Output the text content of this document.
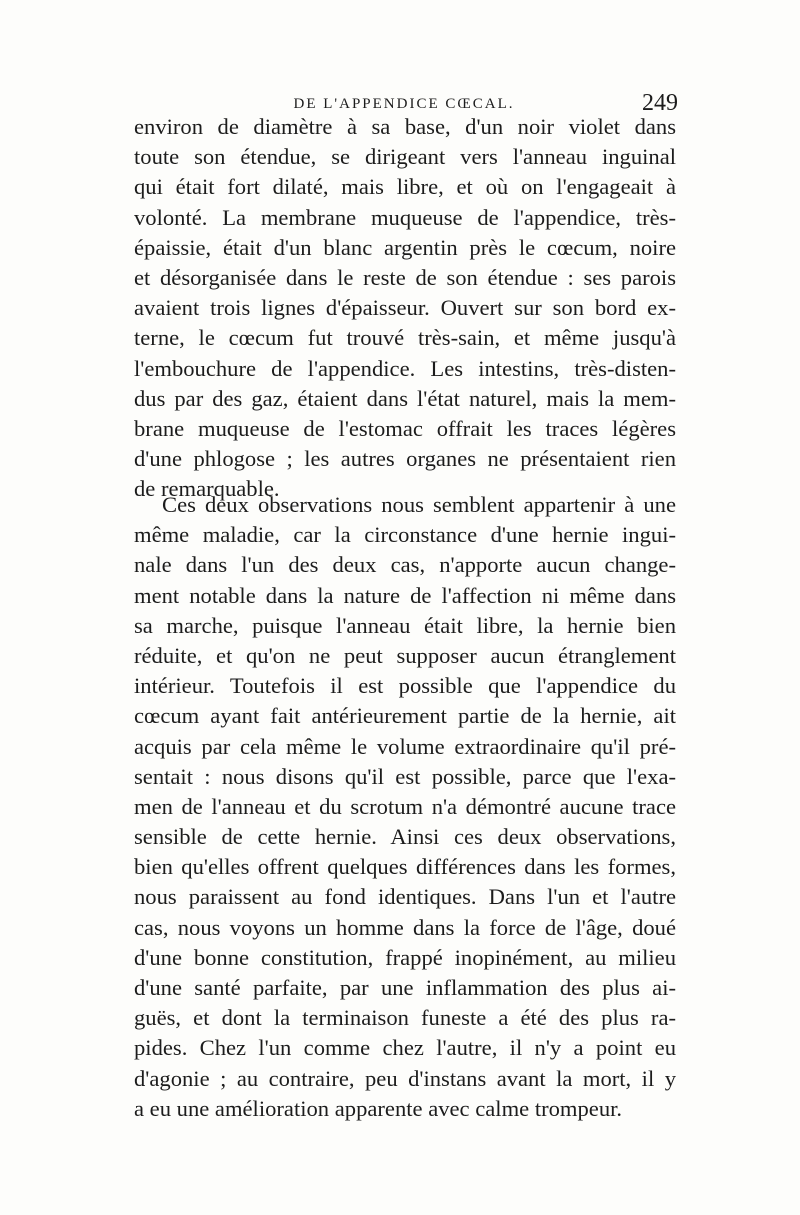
DE L'APPENDICE CŒCAL.	249
environ de diamètre à sa base, d'un noir violet dans
toute son étendue, se dirigeant vers l'anneau inguinal
qui était fort dilaté, mais libre, et où on l'engageait à
volonté. La membrane muqueuse de l'appendice, très-
épaissie, était d'un blanc argentin près le cœcum, noire
et désorganisée dans le reste de son étendue : ses parois
avaient trois lignes d'épaisseur. Ouvert sur son bord ex-
terne, le cœcum fut trouvé très-sain, et même jusqu'à
l'embouchure de l'appendice. Les intestins, très-disten-
dus par des gaz, étaient dans l'état naturel, mais la mem-
brane muqueuse de l'estomac offrait les traces légères
d'une phlogose ; les autres organes ne présentaient rien
de remarquable.
Ces deux observations nous semblent appartenir à une
même maladie, car la circonstance d'une hernie ingui-
nale dans l'un des deux cas, n'apporte aucun change-
ment notable dans la nature de l'affection ni même dans
sa marche, puisque l'anneau était libre, la hernie bien
réduite, et qu'on ne peut supposer aucun étranglement
intérieur. Toutefois il est possible que l'appendice du
cœcum ayant fait antérieurement partie de la hernie, ait
acquis par cela même le volume extraordinaire qu'il pré-
sentait : nous disons qu'il est possible, parce que l'exa-
men de l'anneau et du scrotum n'a démontré aucune trace
sensible de cette hernie. Ainsi ces deux observations,
bien qu'elles offrent quelques différences dans les formes,
nous paraissent au fond identiques. Dans l'un et l'autre
cas, nous voyons un homme dans la force de l'âge, doué
d'une bonne constitution, frappé inopinément, au milieu
d'une santé parfaite, par une inflammation des plus ai-
guës, et dont la terminaison funeste a été des plus ra-
pides. Chez l'un comme chez l'autre, il n'y a point eu
d'agonie ; au contraire, peu d'instans avant la mort, il y
a eu une amélioration apparente avec calme trompeur.
